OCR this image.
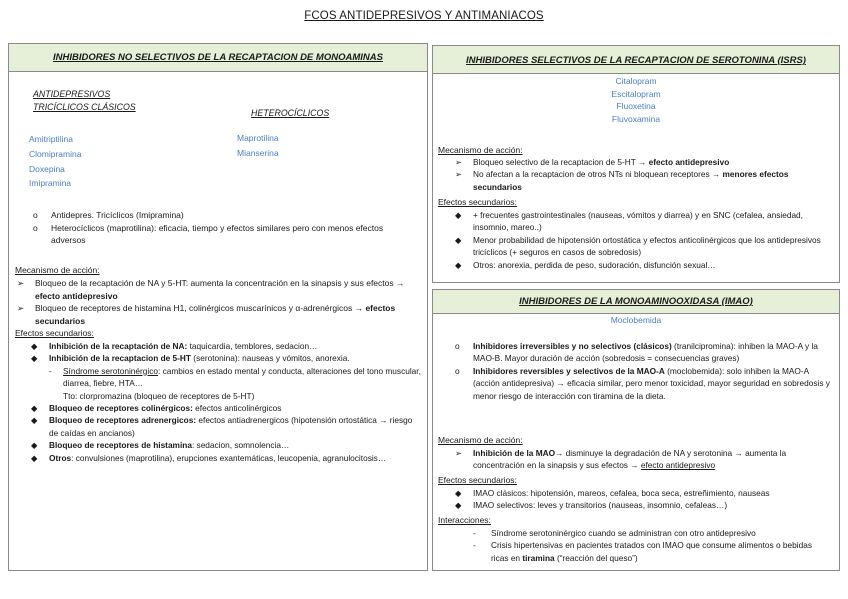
FCOS ANTIDEPRESIVOS Y ANTIMANIACOS
INHIBIDORES NO SELECTIVOS DE LA RECAPTACION DE MONOAMINAS
ANTIDEPRESIVOS
TRICÍCLICOS CLÁSICOS
HETEROCÍCLICOS
Amitriptilina
Clomipramina
Doxepina
Imipramina
Maprotilina
Mianserina
o Antidepres. Tricíclicos (Imipramina)
o Heterocíclicos (maprotilina): eficacia, tiempo y efectos similares pero con menos efectos adversos
Mecanismo de acción:
➢ Bloqueo de la recaptación de NA y 5-HT: aumenta la concentración en la sinapsis y sus efectos → efecto antidepresivo
➢ Bloqueo de receptores de histamina H1, colinérgicos muscarínicos y α-adrenérgicos → efectos secundarios
Efectos secundarios:
◆ Inhibición de la recaptación de NA: taquicardia, temblores, sedacion…
◆ Inhibición de la recaptacion de 5-HT (serotonina): nauseas y vómitos, anorexia.
- Síndrome serotoninérgico: cambios en estado mental y conducta, alteraciones del tono muscular, diarrea, fiebre, HTA…
Tto: clorpromazina (bloqueo de receptores de 5-HT)
◆ Bloqueo de receptores colinérgicos: efectos anticolinérgicos
◆ Bloqueo de receptores adrenergicos: efectos antiadrenergicos (hipotensión ortostática → riesgo de caídas en ancianos)
◆ Bloqueo de receptores de histamina: sedacion, somnolencia…
◆ Otros: convulsiones (maprotilina), erupciones exantemáticas, leucopenia, agranulocitosis…
INHIBIDORES SELECTIVOS DE LA RECAPTACION DE SEROTONINA (ISRS)
Citalopram
Escitalopram
Fluoxetina
Fluvoxamina
Mecanismo de acción:
➢ Bloqueo selectivo de la recaptacion de 5-HT → efecto antidepresivo
➢ No afectan a la recaptacion de otros NTs ni bloquean receptores → menores efectos secundarios
Efectos secundarios:
◆ + frecuentes gastrointestinales (nauseas, vómitos y diarrea) y en SNC (cefalea, ansiedad, insomnio, mareo..)
◆ Menor probabilidad de hipotensión ortostática y efectos anticolinérgicos que los antidepresivos tricíclicos (+ seguros en casos de sobredosis)
◆ Otros: anorexia, perdida de peso, sudoración, disfunción sexual…
INHIBIDORES DE LA MONOAMINOOXIDASA (IMAO)
Moclobemida
o Inhibidores irreversibles y no selectivos (clásicos) (tranilcipromina): inhiben la MAO-A y la MAO-B. Mayor duración de acción (sobredosis = consecuencias graves)
o Inhibidores reversibles y selectivos de la MAO-A (moclobemida): solo inhiben la MAO-A (acción antidepresiva) → eficacia similar, pero menor toxicidad, mayor seguridad en sobredosis y menor riesgo de interacción con tiramina de la dieta.
Mecanismo de acción:
➢ Inhibición de la MAO→ disminuye la degradación de NA y serotonina → aumenta la concentración en la sinapsis y sus efectos → efecto antidepresivo
Efectos secundarios:
◆ IMAO clásicos: hipotensión, mareos, cefalea, boca seca, estreñimiento, nauseas
◆ IMAO selectivos: leves y transitorios (nauseas, insomnio, cefaleas…)
Interacciones:
- Síndrome serotoninérgico cuando se administran con otro antidepresivo
- Crisis hipertensivas en pacientes tratados con IMAO que consume alimentos o bebidas ricas en tiramina (“reacción del queso”)
